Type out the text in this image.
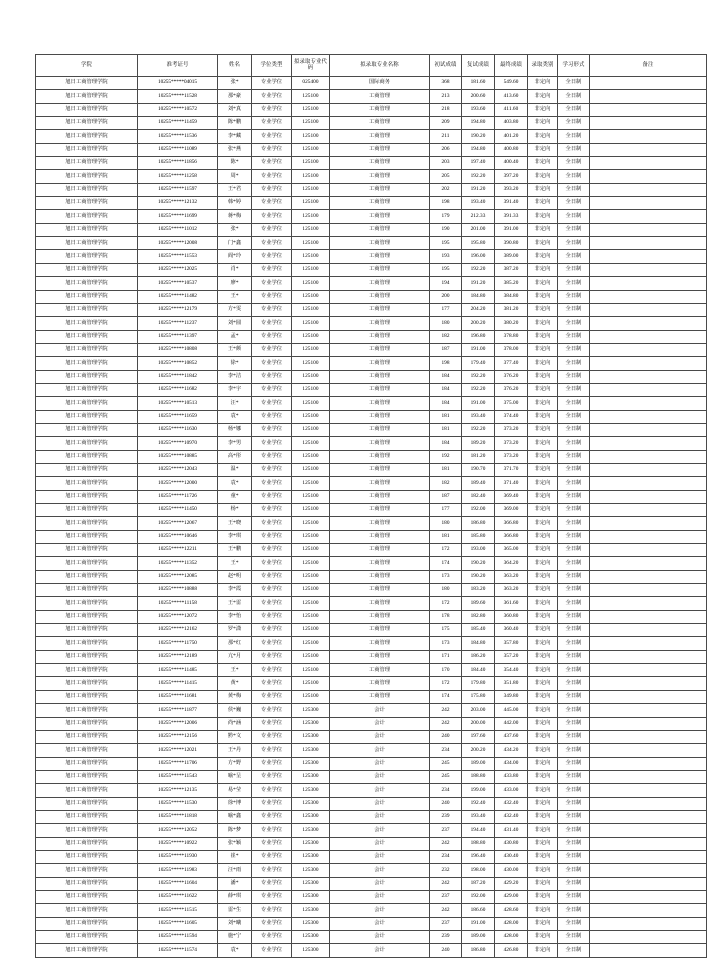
学院	准考证号	姓名	学位类型	拟录取专业代码	拟录取专业名称	初试成绩	复试成绩	最终成绩	录取类别	学习形式	备注

旭日工商管理学院	10255*****04015	张*	专业学位	025400	国际商务	368	181.60	549.60	非定向	全日制	
旭日工商管理学院	10255*****11528	那*豪	专业学位	125100	工商管理	213	200.60	413.60	非定向	全日制	
旭日工商管理学院	10255*****10572	刘*真	专业学位	125100	工商管理	218	193.60	411.60	非定向	全日制	
旭日工商管理学院	10255*****11459	陈*鹏	专业学位	125100	工商管理	209	194.80	403.80	非定向	全日制	
旭日工商管理学院	10255*****11536	李*藏	专业学位	125100	工商管理	211	190.20	401.20	非定向	全日制	
旭日工商管理学院	10255*****11089	张*燕	专业学位	125100	工商管理	206	194.80	400.80	非定向	全日制	
旭日工商管理学院	10255*****11856	陈*	专业学位	125100	工商管理	203	197.40	400.40	非定向	全日制	
旭日工商管理学院	10255*****11258	周*	专业学位	125100	工商管理	205	192.20	397.20	非定向	全日制	
旭日工商管理学院	10255*****11597	王*君	专业学位	125100	工商管理	202	191.20	393.20	非定向	全日制	
旭日工商管理学院	10255*****12132	韩*婷	专业学位	125100	工商管理	198	193.40	391.40	非定向	全日制	
旭日工商管理学院	10255*****11699	蒋*梅	专业学位	125100	工商管理	179	212.33	391.33	非定向	全日制	
旭日工商管理学院	10255*****11012	张*	专业学位	125100	工商管理	190	201.00	391.00	非定向	全日制	
旭日工商管理学院	10255*****12008	门*鑫	专业学位	125100	工商管理	195	195.80	390.80	非定向	全日制	
旭日工商管理学院	10255*****11553	阎*玲	专业学位	125100	工商管理	193	196.00	389.00	非定向	全日制	
旭日工商管理学院	10255*****12025	肖*	专业学位	125100	工商管理	195	192.20	387.20	非定向	全日制	
旭日工商管理学院	10255*****10537	廖*	专业学位	125100	工商管理	194	191.20	385.20	非定向	全日制	
旭日工商管理学院	10255*****11482	王*	专业学位	125100	工商管理	200	184.80	384.80	非定向	全日制	
旭日工商管理学院	10255*****12179	方*雯	专业学位	125100	工商管理	177	204.20	381.20	非定向	全日制	
旭日工商管理学院	10255*****11237	刘*圆	专业学位	125100	工商管理	180	200.20	380.20	非定向	全日制	
旭日工商管理学院	10255*****11397	孟*	专业学位	125100	工商管理	182	196.80	378.80	非定向	全日制	
旭日工商管理学院	10255*****10808	王*颜	专业学位	125100	工商管理	187	191.00	378.00	非定向	全日制	
旭日工商管理学院	10255*****10852	徐*	专业学位	125100	工商管理	198	179.40	377.40	非定向	全日制	
旭日工商管理学院	10255*****11842	李*洁	专业学位	125100	工商管理	184	192.20	376.20	非定向	全日制	
旭日工商管理学院	10255*****11682	李*宇	专业学位	125100	工商管理	184	192.20	376.20	非定向	全日制	
旭日工商管理学院	10255*****10513	汪*	专业学位	125100	工商管理	184	191.00	375.00	非定向	全日制	
旭日工商管理学院	10255*****11659	袁*	专业学位	125100	工商管理	181	193.40	374.40	非定向	全日制	
旭日工商管理学院	10255*****11630	杨*娜	专业学位	125100	工商管理	181	192.20	373.20	非定向	全日制	
旭日工商管理学院	10255*****10970	李*男	专业学位	125100	工商管理	184	189.20	373.20	非定向	全日制	
旭日工商管理学院	10255*****10885	高*彤	专业学位	125100	工商管理	192	181.20	373.20	非定向	全日制	
旭日工商管理学院	10255*****12043	温*	专业学位	125100	工商管理	181	190.70	371.70	非定向	全日制	
旭日工商管理学院	10255*****12000	袁*	专业学位	125100	工商管理	182	189.40	371.40	非定向	全日制	
旭日工商管理学院	10255*****11726	童*	专业学位	125100	工商管理	187	182.40	369.40	非定向	全日制	
旭日工商管理学院	10255*****11450	杨*	专业学位	125100	工商管理	177	192.00	369.00	非定向	全日制	
旭日工商管理学院	10255*****12067	王*晓	专业学位	125100	工商管理	180	186.80	366.80	非定向	全日制	
旭日工商管理学院	10255*****10646	李*琪	专业学位	125100	工商管理	181	185.80	366.80	非定向	全日制	
旭日工商管理学院	10255*****12211	王*鹏	专业学位	125100	工商管理	172	193.00	365.00	非定向	全日制	
旭日工商管理学院	10255*****11352	王*	专业学位	125100	工商管理	174	190.20	364.20	非定向	全日制	
旭日工商管理学院	10255*****12085	赵*明	专业学位	125100	工商管理	173	190.20	363.20	非定向	全日制	
旭日工商管理学院	10255*****10888	李*霞	专业学位	125100	工商管理	180	183.20	363.20	非定向	全日制	
旭日工商管理学院	10255*****11158	王*雷	专业学位	125100	工商管理	172	189.60	361.60	非定向	全日制	
旭日工商管理学院	10255*****12072	李*怡	专业学位	125100	工商管理	178	182.80	360.80	非定向	全日制	
旭日工商管理学院	10255*****12162	罗*潇	专业学位	125100	工商管理	175	185.40	360.40	非定向	全日制	
旭日工商管理学院	10255*****11750	那*红	专业学位	125100	工商管理	173	184.80	357.80	非定向	全日制	
旭日工商管理学院	10255*****12189	亢*月	专业学位	125100	工商管理	171	186.20	357.20	非定向	全日制	
旭日工商管理学院	10255*****11485	王*	专业学位	125100	工商管理	170	184.40	354.40	非定向	全日制	
旭日工商管理学院	10255*****11415	黄*	专业学位	125100	工商管理	172	179.80	351.80	非定向	全日制	
旭日工商管理学院	10255*****11681	黄*梅	专业学位	125100	工商管理	174	175.80	349.80	非定向	全日制	
旭日工商管理学院	10255*****11877	侯*巍	专业学位	125300	会计	242	203.00	445.00	非定向	全日制	
旭日工商管理学院	10255*****12006	尚*涵	专业学位	125300	会计	242	200.00	442.00	非定向	全日制	
旭日工商管理学院	10255*****12156	黔*文	专业学位	125300	会计	240	197.60	437.60	非定向	全日制	
旭日工商管理学院	10255*****12021	王*丹	专业学位	125300	会计	234	200.20	434.20	非定向	全日制	
旭日工商管理学院	10255*****11706	方*野	专业学位	125300	会计	245	189.00	434.00	非定向	全日制	
旭日工商管理学院	10255*****11543	喻*呈	专业学位	125300	会计	245	188.80	433.80	非定向	全日制	
旭日工商管理学院	10255*****12135	易*莹	专业学位	125300	会计	234	199.00	433.00	非定向	全日制	
旭日工商管理学院	10255*****11530	徐*博	专业学位	125300	会计	240	192.40	432.40	非定向	全日制	
旭日工商管理学院	10255*****11818	喻*鑫	专业学位	125300	会计	239	193.40	432.40	非定向	全日制	
旭日工商管理学院	10255*****12052	陈*梦	专业学位	125300	会计	237	194.40	431.40	非定向	全日制	
旭日工商管理学院	10255*****10922	张*颖	专业学位	125300	会计	242	188.80	430.80	非定向	全日制	
旭日工商管理学院	10255*****11930	崔*	专业学位	125300	会计	234	196.40	430.40	非定向	全日制	
旭日工商管理学院	10255*****11983	汪*雨	专业学位	125300	会计	232	198.00	430.00	非定向	全日制	
旭日工商管理学院	10255*****11604	潘*	专业学位	125300	会计	242	187.20	429.20	非定向	全日制	
旭日工商管理学院	10255*****11622	薛*琪	专业学位	125300	会计	237	192.00	429.00	非定向	全日制	
旭日工商管理学院	10255*****11515	雷*生	专业学位	125300	会计	242	186.60	428.60	非定向	全日制	
旭日工商管理学院	10255*****11605	刘*曦	专业学位	125300	会计	237	191.00	428.00	非定向	全日制	
旭日工商管理学院	10255*****11594	施*宁	专业学位	125300	会计	239	189.00	428.00	非定向	全日制	
旭日工商管理学院	10255*****11574	袁*	专业学位	125300	会计	240	186.80	426.80	非定向	全日制	
